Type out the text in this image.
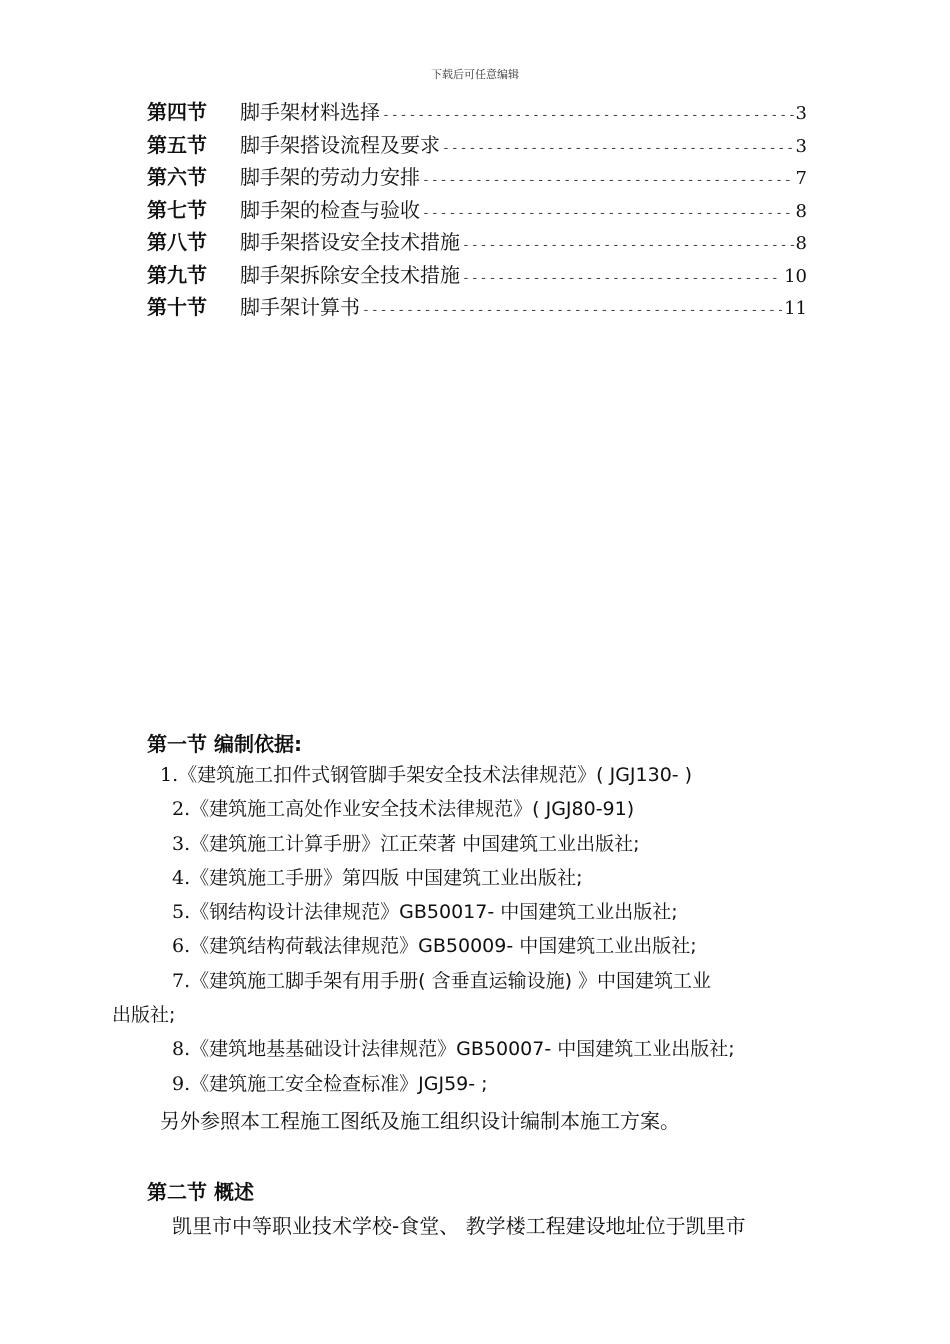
下载后可任意编辑
第四节	脚手架材料选择 -----	3
第五节	脚手架搭设流程及要求 -----	3
第六节	脚手架的劳动力安排 -----	7
第七节	脚手架的检查与验收 -----	8
第八节	脚手架搭设安全技术措施 -----	8
第九节	脚手架拆除安全技术措施 -----	10
第十节	脚手架计算书 -----	11
第一节 编制依据:
1.《建筑施工扣件式钢管脚手架安全技术法律规范》( JGJ130- )
2.《建筑施工高处作业安全技术法律规范》( JGJ80-91)
3.《建筑施工计算手册》江正荣著 中国建筑工业出版社;
4.《建筑施工手册》第四版 中国建筑工业出版社;
5.《钢结构设计法律规范》GB50017- 中国建筑工业出版社;
6.《建筑结构荷载法律规范》GB50009- 中国建筑工业出版社;
7.《建筑施工脚手架有用手册( 含垂直运输设施) 》中国建筑工业
出版社;
8.《建筑地基基础设计法律规范》GB50007- 中国建筑工业出版社;
9.《建筑施工安全检查标准》JGJ59- ;
另外参照本工程施工图纸及施工组织设计编制本施工方案。
第二节 概述
凯里市中等职业技术学校-食堂、 教学楼工程建设地址位于凯里市
